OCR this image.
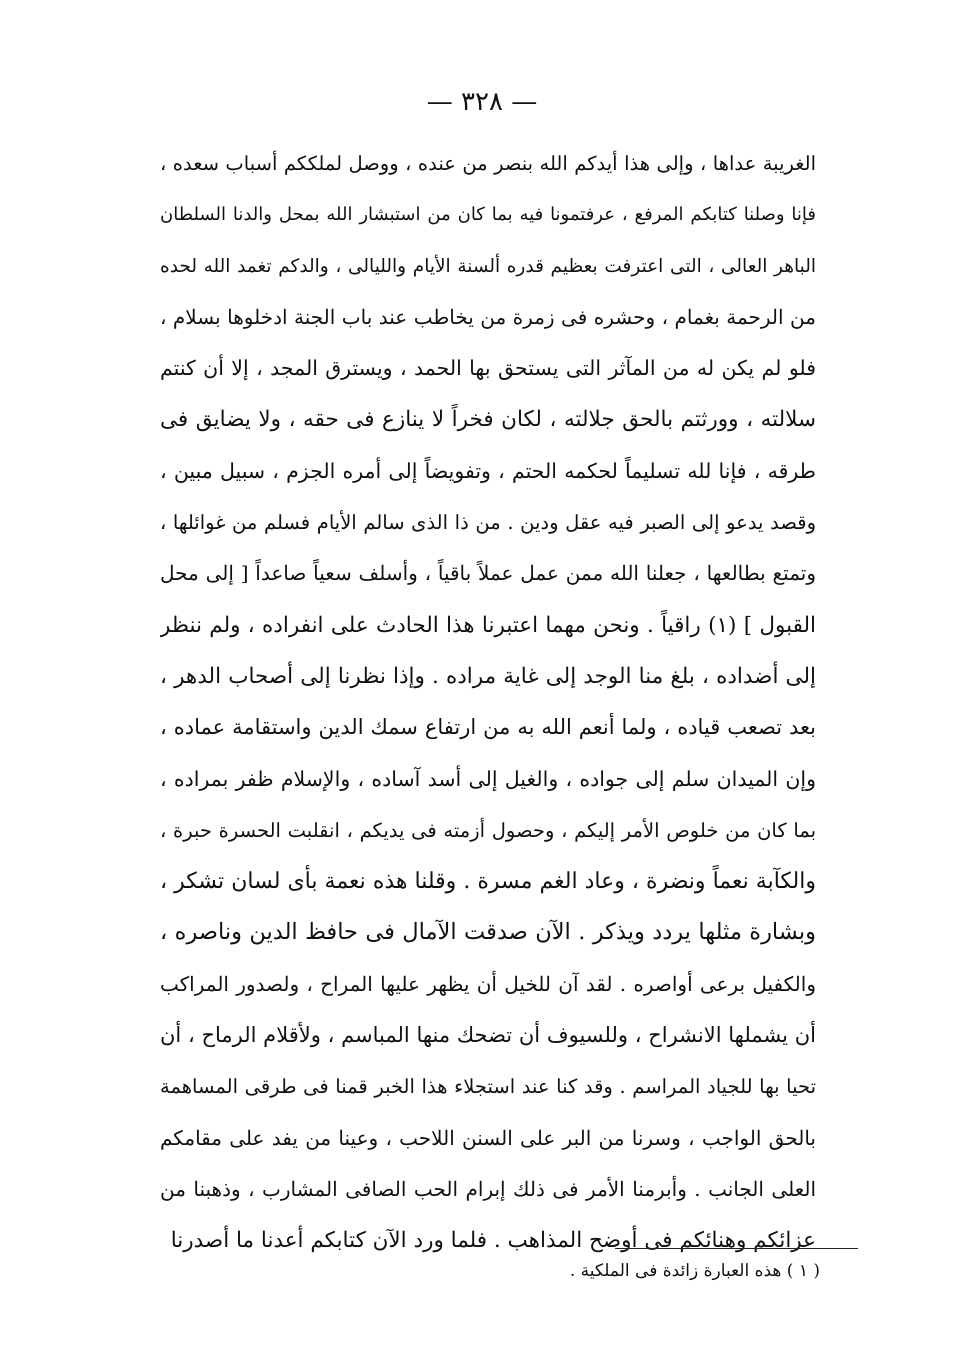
— ٣٢٨ —
الغريبة عداها ، وإلى هذا أيدكم الله بنصر من عنده ، ووصل لملككم أسباب سعده ،
فإنا وصلنا كتابكم المرفع ، عرفتمونا فيه بما كان من استبشار الله بمحل والدنا السلطان
الباهر العالى ، التى اعترفت بعظيم قدره ألسنة الأيام والليالى ، والدكم تغمد الله لحده
من الرحمة بغمام ، وحشره فى زمرة من يخاطب عند باب الجنة ادخلوها بسلام ،
فلو لم يكن له من المآثر التى يستحق بها الحمد ، ويسترق المجد ، إلا أن كنتم
سلالته ، وورثتم بالحق جلالته ، لكان فخراً لا ينازع فى حقه ، ولا يضايق فى
طرقه ، فإنا لله تسليماً لحكمه الحتم ، وتفويضاً إلى أمره الجزم ، سبيل مبين ،
وقصد يدعو إلى الصبر فيه عقل ودين . من ذا الذى سالم الأيام فسلم من غوائلها ،
وتمتع بطالعها ، جعلنا الله ممن عمل عملاً باقياً ، وأسلف سعياً صاعداً [ إلى محل
القبول ] (١) راقياً . ونحن مهما اعتبرنا هذا الحادث على انفراده ، ولم ننظر
إلى أضداده ، بلغ منا الوجد إلى غاية مراده . وإذا نظرنا إلى أصحاب الدهر ،
بعد تصعب قياده ، ولما أنعم الله به من ارتفاع سمك الدين واستقامة عماده ،
وإن الميدان سلم إلى جواده ، والغيل إلى أسد آساده ، والإسلام ظفر بمراده ،
بما كان من خلوص الأمر إليكم ، وحصول أزمته فى يديكم ، انقلبت الحسرة حبرة ،
والكآبة نعماً ونضرة ، وعاد الغم مسرة . وقلنا هذه نعمة بأى لسان تشكر ،
وبشارة مثلها يردد ويذكر . الآن صدقت الآمال فى حافظ الدين وناصره ،
والكفيل برعى أواصره . لقد آن للخيل أن يظهر عليها المراح ، ولصدور المراكب
أن يشملها الانشراح ، وللسيوف أن تضحك منها المباسم ، ولأقلام الرماح ، أن
تحيا بها للجياد المراسم . وقد كنا عند استجلاء هذا الخبر قمنا فى طرقى المساهمة
بالحق الواجب ، وسرنا من البر على السنن اللاحب ، وعينا من يفد على مقامكم
العلى الجانب . وأبرمنا الأمر فى ذلك إبرام الحب الصافى المشارب ، وذهبنا من
عزائكم وهنائكم فى أوضح المذاهب . فلما ورد الآن كتابكم أعدنا ما أصدرنا
( ١ ) هذه العبارة زائدة فى الملكية .
